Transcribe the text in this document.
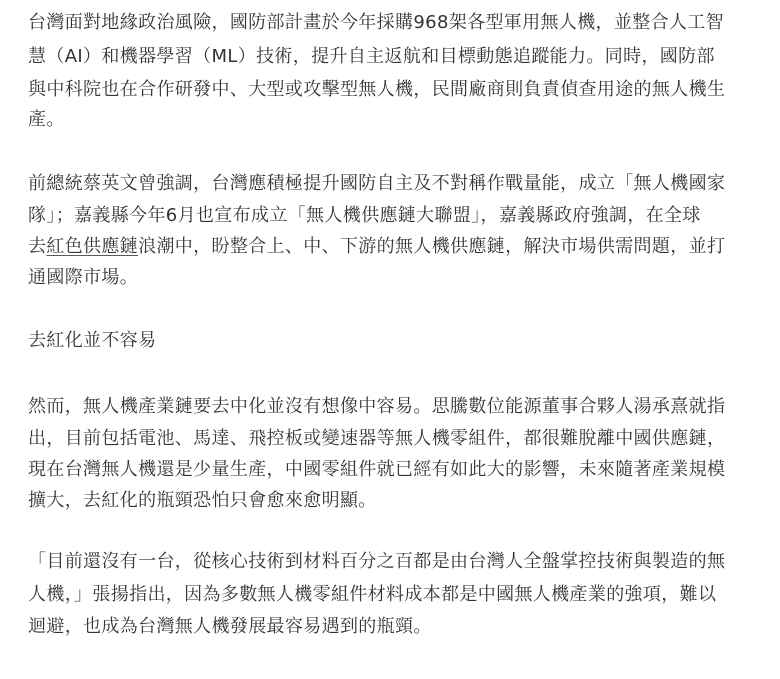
台灣面對地緣政治風險，國防部計畫於今年採購968架各型軍用無人機，並整合人工智
慧（AI）和機器學習（ML）技術，提升自主返航和目標動態追蹤能力。同時，國防部
與中科院也在合作研發中、大型或攻擊型無人機，民間廠商則負責偵查用途的無人機生
產。
前總統蔡英文曾強調，台灣應積極提升國防自主及不對稱作戰量能，成立「無人機國家
隊」；嘉義縣今年6月也宣布成立「無人機供應鏈大聯盟」，嘉義縣政府強調，在全球
去紅色供應鏈浪潮中，盼整合上、中、下游的無人機供應鏈，解決市場供需問題，並打
通國際市場。
去紅化並不容易
然而，無人機產業鏈要去中化並沒有想像中容易。思騰數位能源董事合夥人湯承熹就指
出，目前包括電池、馬達、飛控板或變速器等無人機零組件，都很難脫離中國供應鏈，
現在台灣無人機還是少量生產，中國零組件就已經有如此大的影響，未來隨著產業規模
擴大，去紅化的瓶頸恐怕只會愈來愈明顯。
「目前還沒有一台，從核心技術到材料百分之百都是由台灣人全盤掌控技術與製造的無
人機，」張揚指出，因為多數無人機零組件材料成本都是中國無人機產業的強項，難以
迴避，也成為台灣無人機發展最容易遇到的瓶頸。
